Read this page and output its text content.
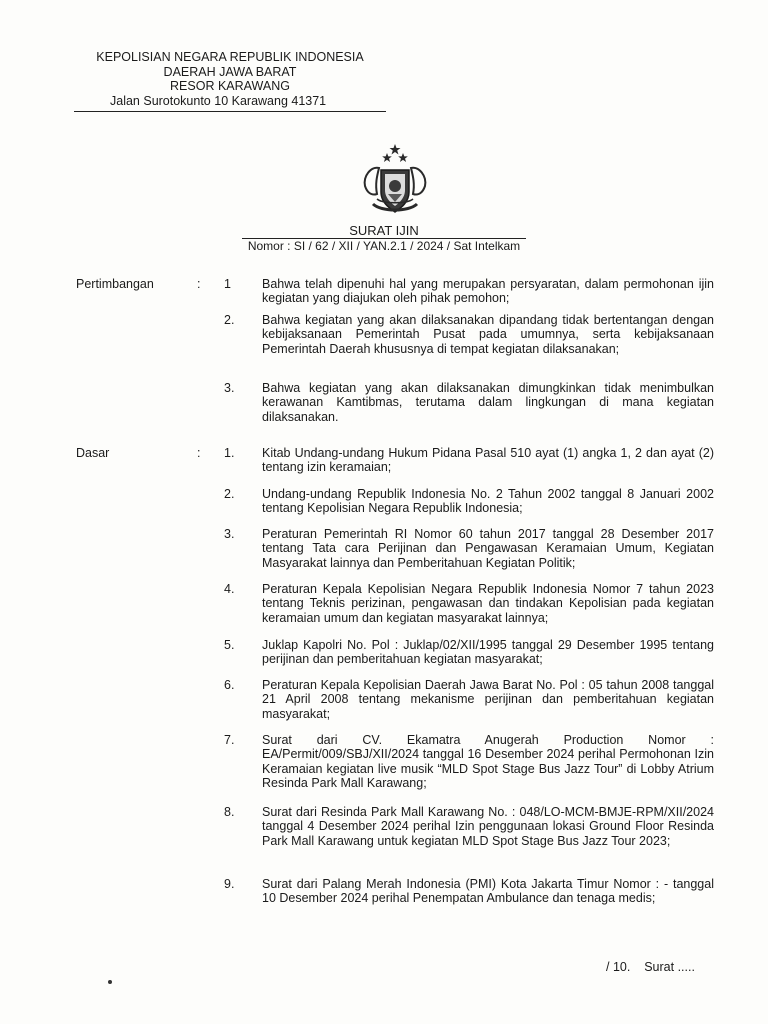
KEPOLISIAN NEGARA REPUBLIK INDONESIA
DAERAH JAWA BARAT
RESOR KARAWANG
Jalan Surotokunto 10 Karawang 41371
SURAT IJIN
Nomor : SI / 62 / XII / YAN.2.1 / 2024 / Sat Intelkam
Pertimbangan	: 1	Bahwa telah dipenuhi hal yang merupakan persyaratan, dalam permohonan ijin kegiatan yang diajukan oleh pihak pemohon;
2.	Bahwa kegiatan yang akan dilaksanakan dipandang tidak bertentangan dengan kebijaksanaan Pemerintah Pusat pada umumnya, serta kebijaksanaan Pemerintah Daerah khususnya di tempat kegiatan dilaksanakan;
3.	Bahwa kegiatan yang akan dilaksanakan dimungkinkan tidak menimbulkan kerawanan Kamtibmas, terutama dalam lingkungan di mana kegiatan dilaksanakan.
Dasar	: 1.	Kitab Undang-undang Hukum Pidana Pasal 510 ayat (1) angka 1, 2 dan ayat (2) tentang izin keramaian;
2.	Undang-undang Republik Indonesia No. 2 Tahun 2002 tanggal 8 Januari 2002 tentang Kepolisian Negara Republik Indonesia;
3.	Peraturan Pemerintah RI Nomor 60 tahun 2017 tanggal 28 Desember 2017 tentang Tata cara Perijinan dan Pengawasan Keramaian Umum, Kegiatan Masyarakat lainnya dan Pemberitahuan Kegiatan Politik;
4.	Peraturan Kepala Kepolisian Negara Republik Indonesia Nomor 7 tahun 2023 tentang Teknis perizinan, pengawasan dan tindakan Kepolisian pada kegiatan keramaian umum dan kegiatan masyarakat lainnya;
5.	Juklap Kapolri No. Pol : Juklap/02/XII/1995 tanggal 29 Desember 1995 tentang perijinan dan pemberitahuan kegiatan masyarakat;
6.	Peraturan Kepala Kepolisian Daerah Jawa Barat No. Pol : 05 tahun 2008 tanggal 21 April 2008 tentang mekanisme perijinan dan pemberitahuan kegiatan masyarakat;
7.	Surat dari CV. Ekamatra Anugerah Production Nomor : EA/Permit/009/SBJ/XII/2024 tanggal 16 Desember 2024 perihal Permohonan Izin Keramaian kegiatan live musik “MLD Spot Stage Bus Jazz Tour” di Lobby Atrium Resinda Park Mall Karawang;
8.	Surat dari Resinda Park Mall Karawang No. : 048/LO-MCM-BMJE-RPM/XII/2024 tanggal 4 Desember 2024 perihal Izin penggunaan lokasi Ground Floor Resinda Park Mall Karawang untuk kegiatan MLD Spot Stage Bus Jazz Tour 2023;
9.	Surat dari Palang Merah Indonesia (PMI) Kota Jakarta Timur Nomor : - tanggal 10 Desember 2024 perihal Penempatan Ambulance dan tenaga medis;
/ 10.    Surat .....
